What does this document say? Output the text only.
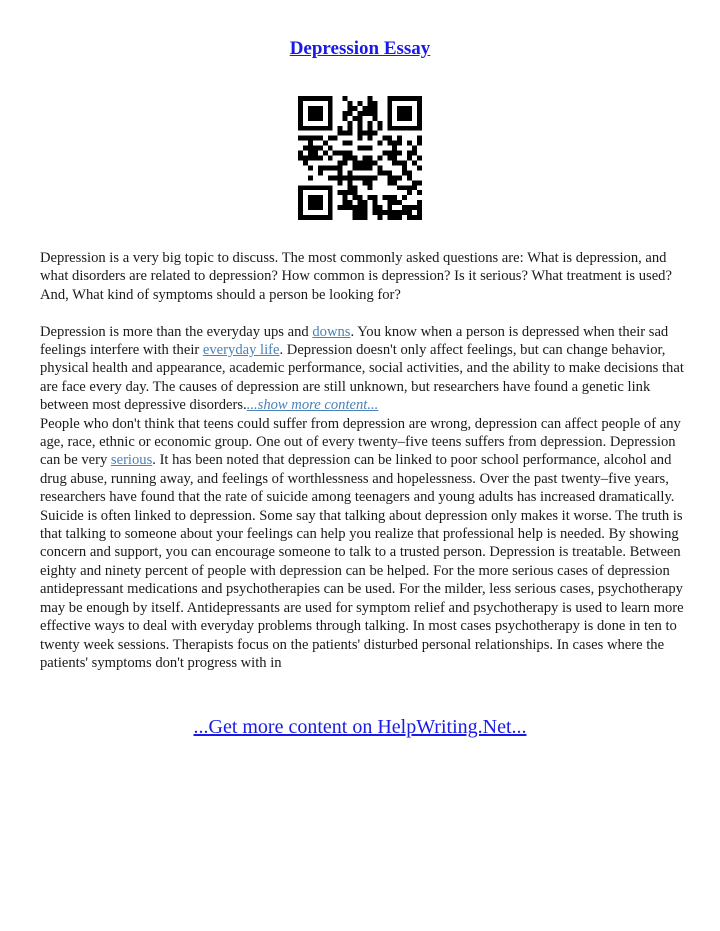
Depression Essay

Depression is a very big topic to discuss. The most commonly asked questions are: What is depression, and what disorders are related to depression? How common is depression? Is it serious? What treatment is used? And, What kind of symptoms should a person be looking for?

Depression is more than the everyday ups and downs. You know when a person is depressed when their sad feelings interfere with their everyday life. Depression doesn't only affect feelings, but can change behavior, physical health and appearance, academic performance, social activities, and the ability to make decisions that are face every day. The causes of depression are still unknown, but researchers have found a genetic link between most depressive disorders....show more content...
People who don't think that teens could suffer from depression are wrong, depression can affect people of any age, race, ethnic or economic group. One out of every twenty–five teens suffers from depression. Depression can be very serious. It has been noted that depression can be linked to poor school performance, alcohol and drug abuse, running away, and feelings of worthlessness and hopelessness. Over the past twenty–five years, researchers have found that the rate of suicide among teenagers and young adults has increased dramatically. Suicide is often linked to depression. Some say that talking about depression only makes it worse. The truth is that talking to someone about your feelings can help you realize that professional help is needed. By showing concern and support, you can encourage someone to talk to a trusted person. Depression is treatable. Between eighty and ninety percent of people with depression can be helped. For the more serious cases of depression antidepressant medications and psychotherapies can be used. For the milder, less serious cases, psychotherapy may be enough by itself. Antidepressants are used for symptom relief and psychotherapy is used to learn more effective ways to deal with everyday problems through talking. In most cases psychotherapy is done in ten to twenty week sessions. Therapists focus on the patients' disturbed personal relationships. In cases where the patients' symptoms don't progress with in

...Get more content on HelpWriting.Net...
